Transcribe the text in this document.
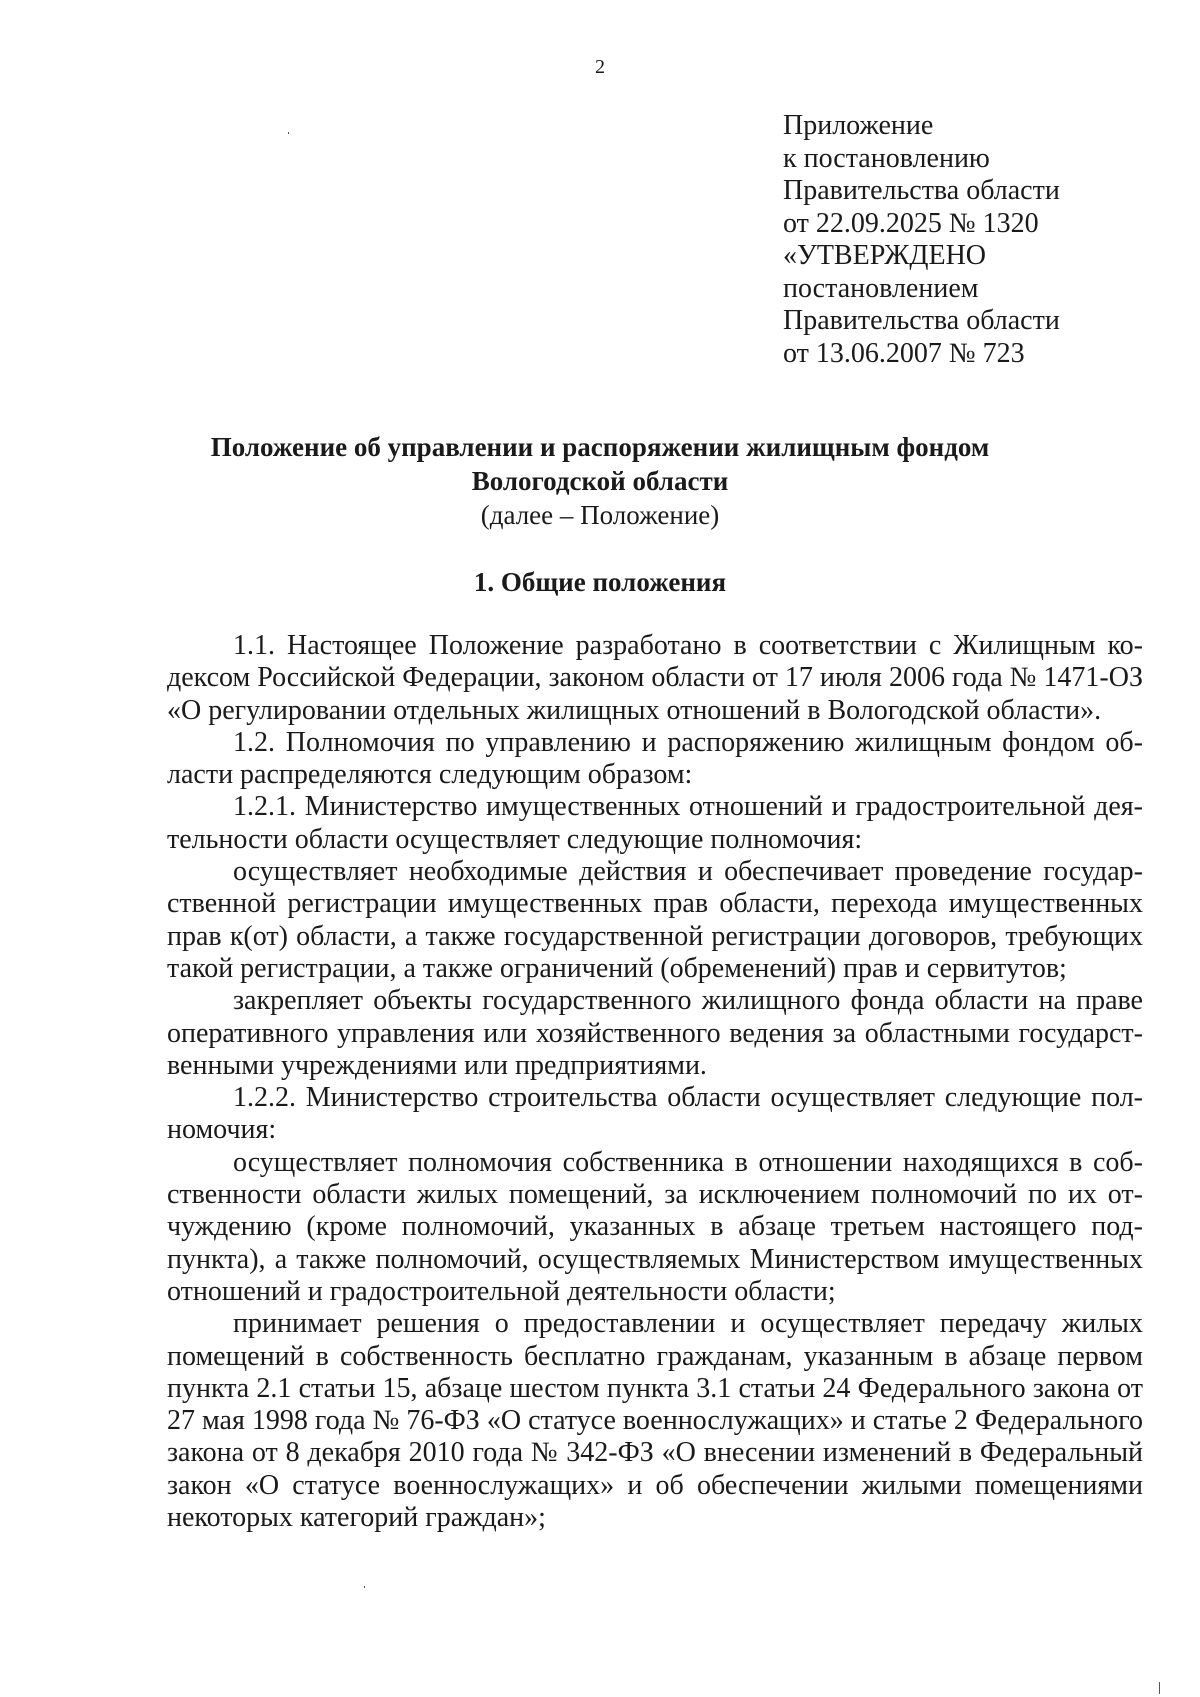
2
Приложение
к постановлению
Правительства области
от 22.09.2025 № 1320
«УТВЕРЖДЕНО
постановлением
Правительства области
от 13.06.2007 № 723
Положение об управлении и распоряжении жилищным фондом
Вологодской области
(далее – Положение)
1. Общие положения

1.1. Настоящее Положение разработано в соответствии с Жилищным кодексом Российской Федерации, законом области от 17 июля 2006 года № 1471-ОЗ «О регулировании отдельных жилищных отношений в Вологодской области».

1.2. Полномочия по управлению и распоряжению жилищным фондом области распределяются следующим образом:

1.2.1. Министерство имущественных отношений и градостроительной деятельности области осуществляет следующие полномочия:

осуществляет необходимые действия и обеспечивает проведение государственной регистрации имущественных прав области, перехода имущественных прав к(от) области, а также государственной регистрации договоров, требующих такой регистрации, а также ограничений (обременений) прав и сервитутов;

закрепляет объекты государственного жилищного фонда области на праве оперативного управления или хозяйственного ведения за областными государственными учреждениями или предприятиями.

1.2.2. Министерство строительства области осуществляет следующие полномочия:

осуществляет полномочия собственника в отношении находящихся в собственности области жилых помещений, за исключением полномочий по их отчуждению (кроме полномочий, указанных в абзаце третьем настоящего подпункта), а также полномочий, осуществляемых Министерством имущественных отношений и градостроительной деятельности области;

принимает решения о предоставлении и осуществляет передачу жилых помещений в собственность бесплатно гражданам, указанным в абзаце первом пункта 2.1 статьи 15, абзаце шестом пункта 3.1 статьи 24 Федерального закона от 27 мая 1998 года № 76-ФЗ «О статусе военнослужащих» и статье 2 Федерального закона от 8 декабря 2010 года № 342-ФЗ «О внесении изменений в Федеральный закон «О статусе военнослужащих» и об обеспечении жилыми помещениями некоторых категорий граждан»;
